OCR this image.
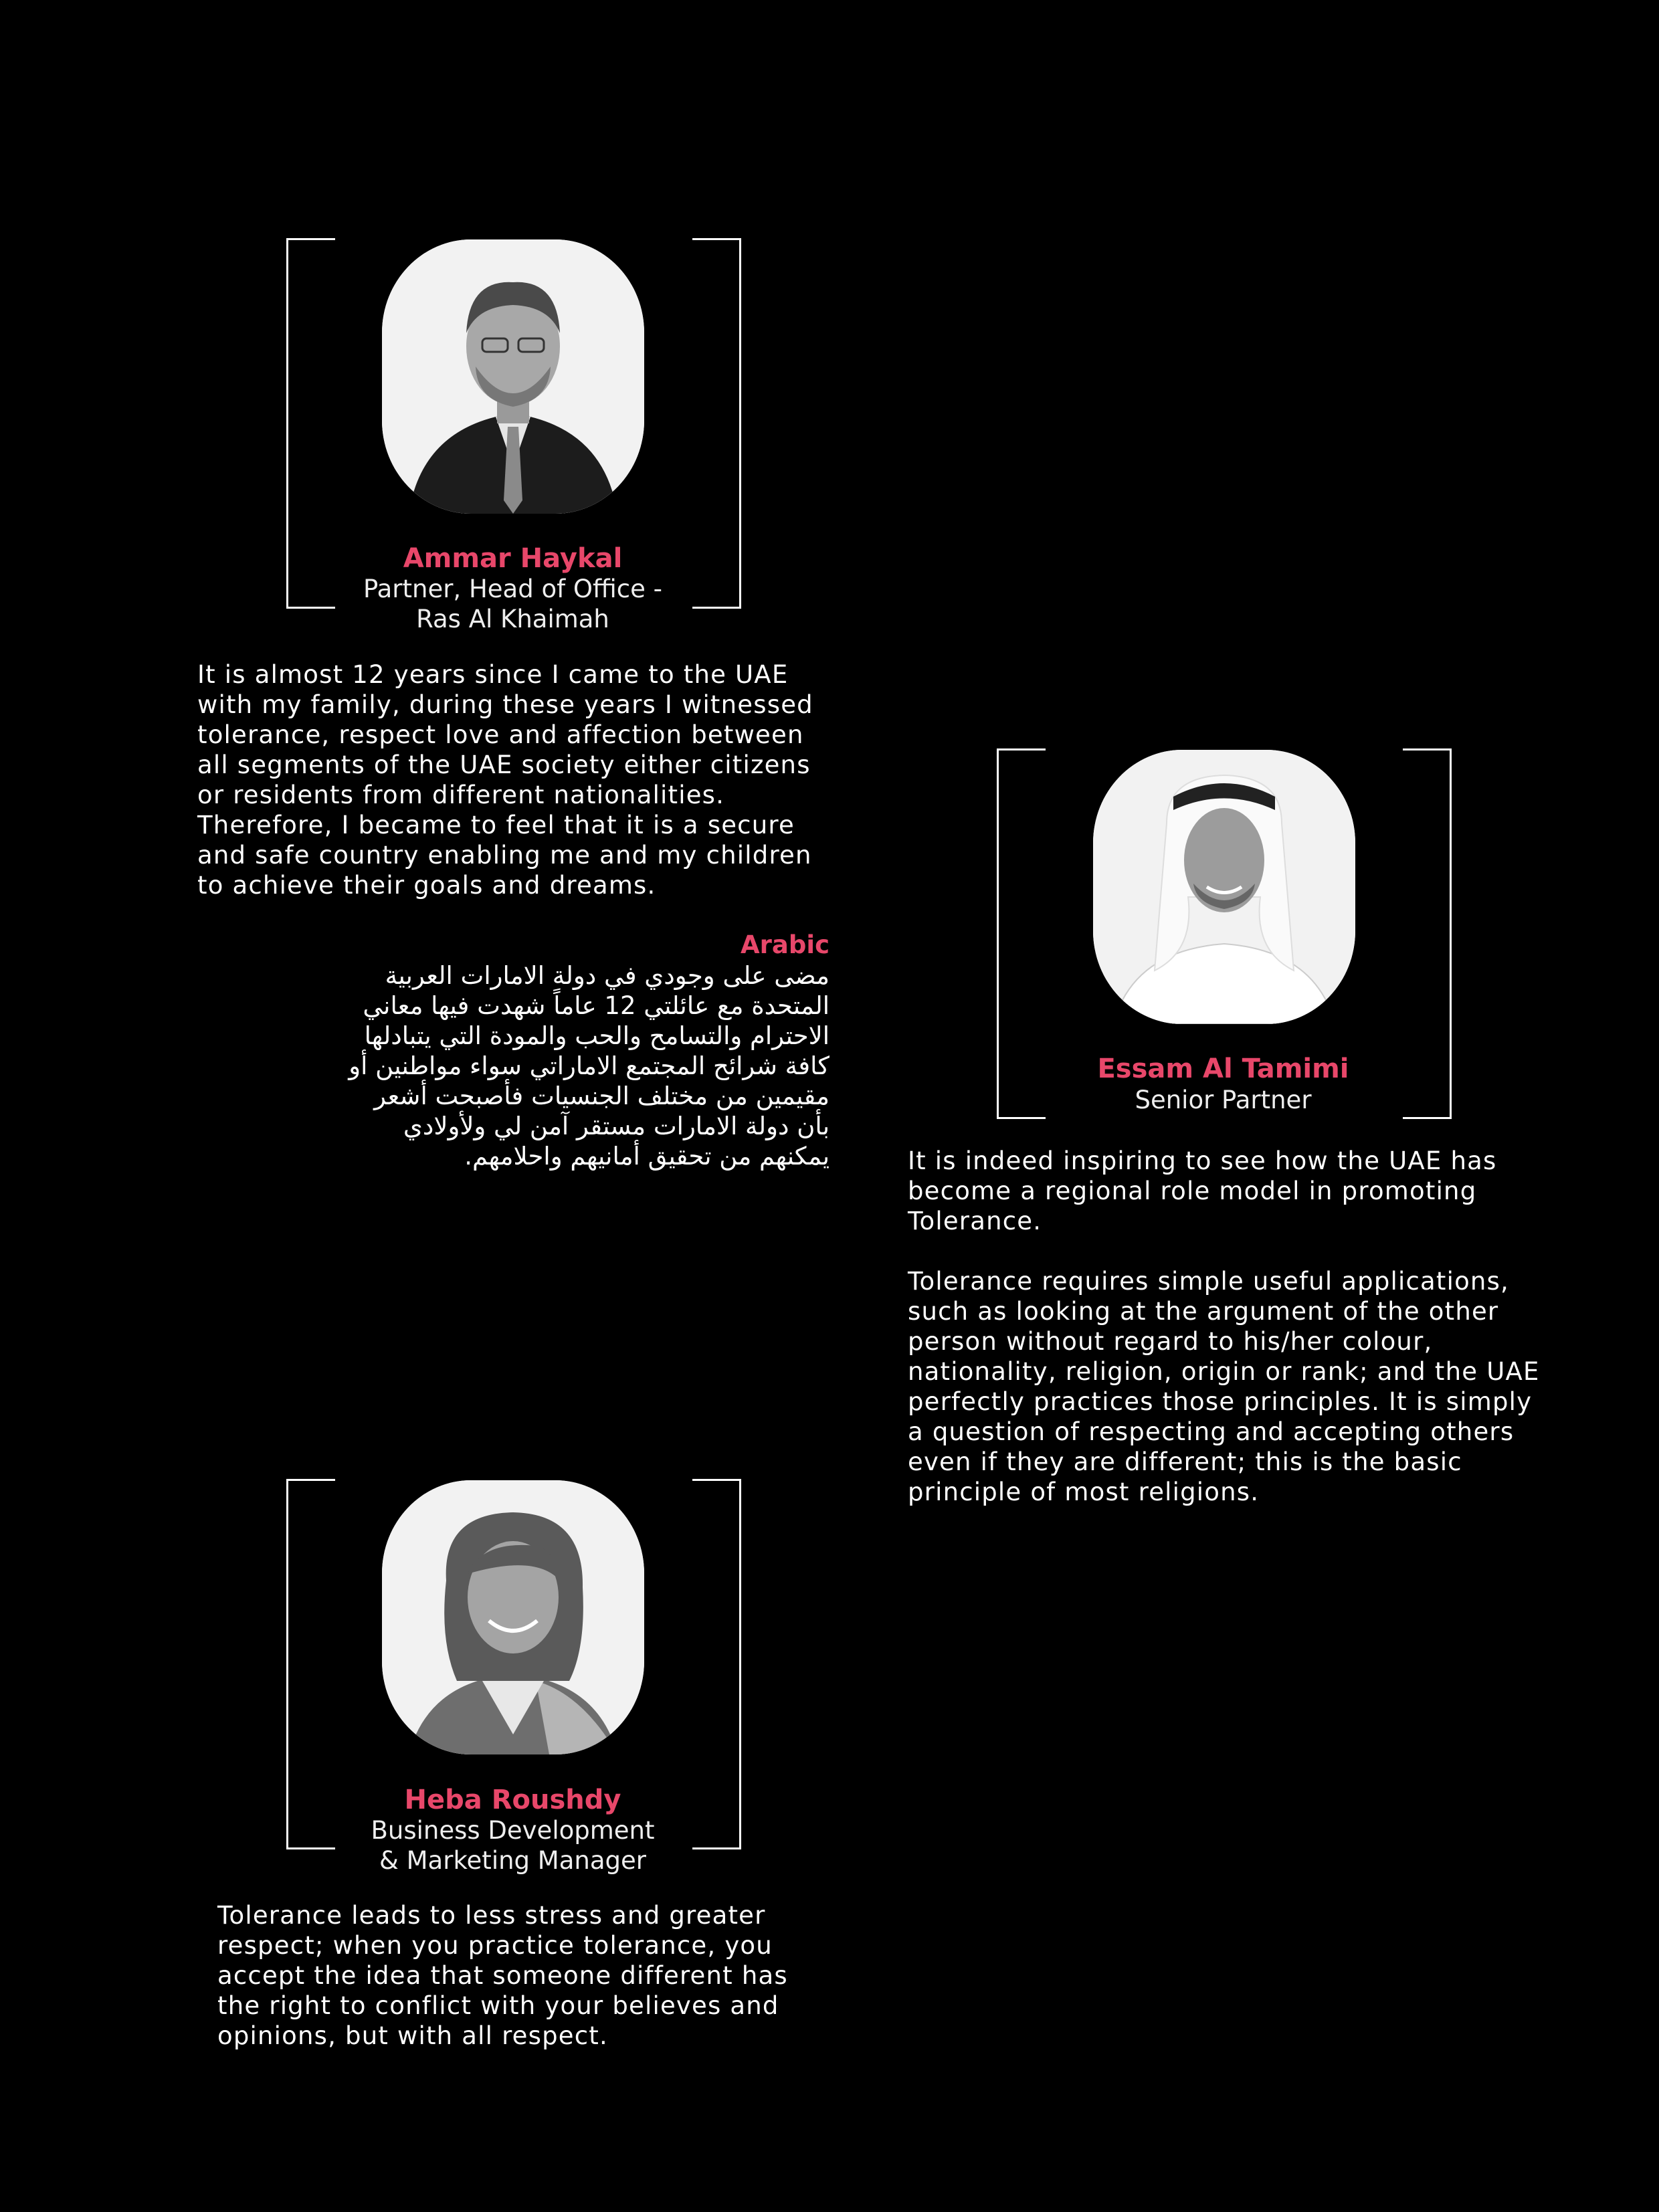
Ammar Haykal

Partner, Head of Office -

Ras Al Khaimah

It is almost 12 years since I came to the UAE
with my family, during these years I witnessed
tolerance, respect love and affection between
all segments of the UAE society either citizens
or residents from different nationalities.
Therefore, I became to feel that it is a secure
and safe country enabling me and my children
to achieve their goals and dreams.

Arabic

مضى على وجودي في دولة الامارات العربية
المتحدة مع عائلتي 12 عاماً شهدت فيها معاني
الاحترام والتسامح والحب والمودة التي يتبادلها
كافة شرائح المجتمع الاماراتي سواء مواطنين أو
مقيمين من مختلف الجنسيات فأصبحت أشعر
بأن دولة الامارات مستقر آمن لي ولأولادي
يمكنهم من تحقيق أمانيهم واحلامهم.

Essam Al Tamimi

Senior Partner

It is indeed inspiring to see how the UAE has
become a regional role model in promoting
Tolerance.

Tolerance requires simple useful applications,
such as looking at the argument of the other
person without regard to his/her colour,
nationality, religion, origin or rank; and the UAE
perfectly practices those principles. It is simply
a question of respecting and accepting others
even if they are different; this is the basic
principle of most religions.

Heba Roushdy

Business Development

& Marketing Manager

Tolerance leads to less stress and greater
respect; when you practice tolerance, you
accept the idea that someone different has
the right to conflict with your believes and
opinions, but with all respect.
